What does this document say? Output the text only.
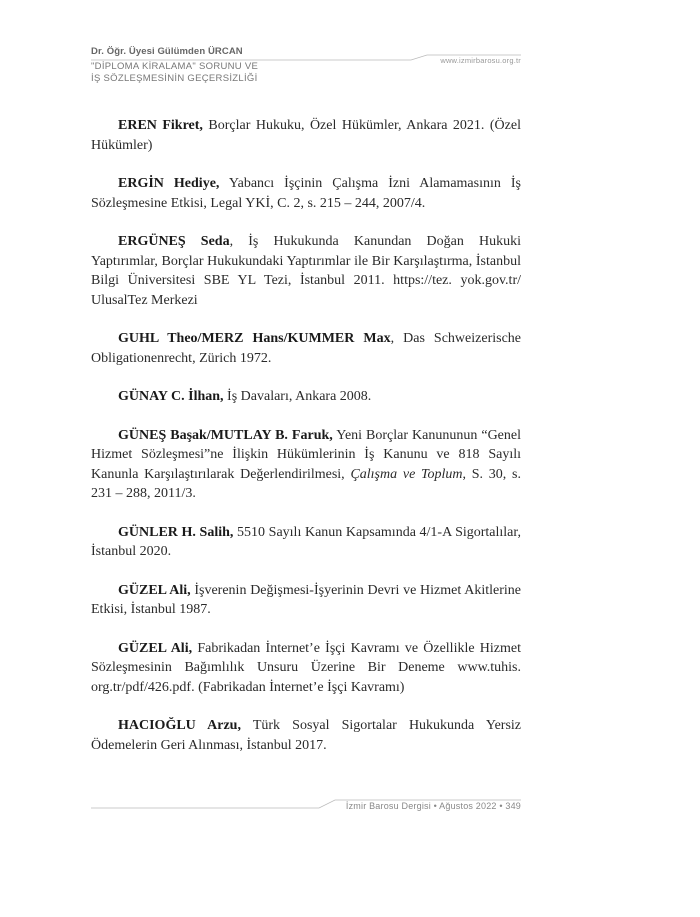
Dr. Öğr. Üyesi Gülümden ÜRCAN
"DİPLOMA KİRALAMA" SORUNU VE
İŞ SÖZLEŞMESİNİN GEÇERSİZLİĞİ
www.izmirbarosu.org.tr

EREN Fikret, Borçlar Hukuku, Özel Hükümler, Ankara 2021. (Özel Hükümler)

ERGİN Hediye, Yabancı İşçinin Çalışma İzni Alamamasının İş Sözleşmesine Etkisi, Legal YKİ, C. 2, s. 215 – 244, 2007/4.

ERGÜNEŞ Seda, İş Hukukunda Kanundan Doğan Hukuki Yaptırımlar, Borçlar Hukukundaki Yaptırımlar ile Bir Karşılaştırma, İstanbul Bilgi Üniversitesi SBE YL Tezi, İstanbul 2011. https://tez. yok.gov.tr/ UlusalTez Merkezi

GUHL Theo/MERZ Hans/KUMMER Max, Das Schweizerische Obligationenrecht, Zürich 1972.

GÜNAY C. İlhan, İş Davaları, Ankara 2008.

GÜNEŞ Başak/MUTLAY B. Faruk, Yeni Borçlar Kanununun “Genel Hizmet Sözleşmesi”ne İlişkin Hükümlerinin İş Kanunu ve 818 Sayılı Kanunla Karşılaştırılarak Değerlendirilmesi, Çalışma ve Toplum, S. 30, s. 231 – 288, 2011/3.

GÜNLER H. Salih, 5510 Sayılı Kanun Kapsamında 4/1-A Sigortalılar, İstanbul 2020.

GÜZEL Ali, İşverenin Değişmesi-İşyerinin Devri ve Hizmet Akitlerine Etkisi, İstanbul 1987.

GÜZEL Ali, Fabrikadan İnternet’e İşçi Kavramı ve Özellikle Hizmet Sözleşmesinin Bağımlılık Unsuru Üzerine Bir Deneme www.tuhis. org.tr/pdf/426.pdf. (Fabrikadan İnternet’e İşçi Kavramı)

HACIOĞLU Arzu, Türk Sosyal Sigortalar Hukukunda Yersiz Ödemelerin Geri Alınması, İstanbul 2017.

İzmir Barosu Dergisi • Ağustos 2022 • 349
